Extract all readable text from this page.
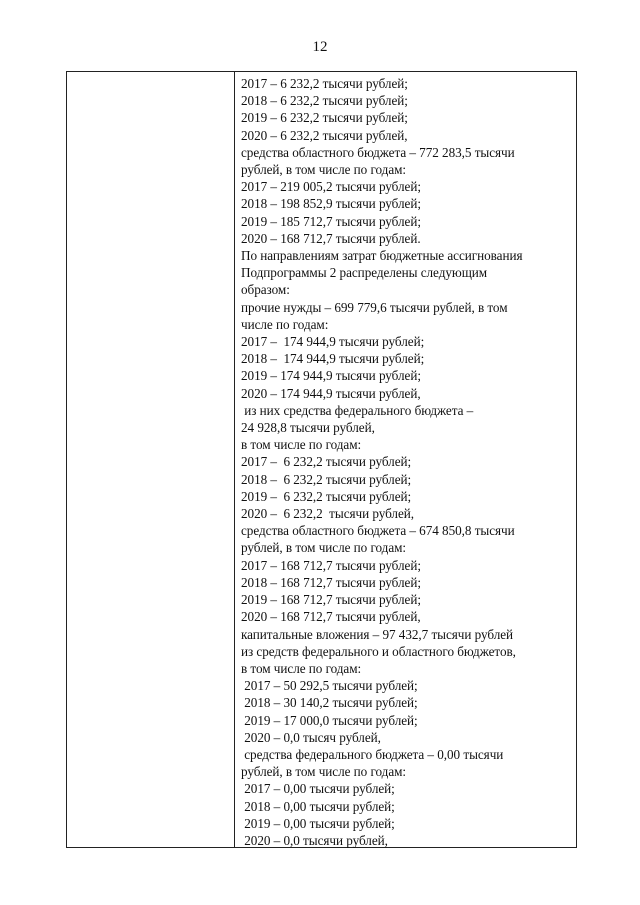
12
2017 – 6 232,2 тысячи рублей;
2018 – 6 232,2 тысячи рублей;
2019 – 6 232,2 тысячи рублей;
2020 – 6 232,2 тысячи рублей,
средства областного бюджета – 772 283,5 тысячи
рублей, в том числе по годам:
2017 – 219 005,2 тысячи рублей;
2018 – 198 852,9 тысячи рублей;
2019 – 185 712,7 тысячи рублей;
2020 – 168 712,7 тысячи рублей.
По направлениям затрат бюджетные ассигнования
Подпрограммы 2 распределены следующим
образом:
прочие нужды – 699 779,6 тысячи рублей, в том
числе по годам:
2017 –  174 944,9 тысячи рублей;
2018 –  174 944,9 тысячи рублей;
2019 – 174 944,9 тысячи рублей;
2020 – 174 944,9 тысячи рублей,
из них средства федерального бюджета –
24 928,8 тысячи рублей,
в том числе по годам:
2017 –  6 232,2 тысячи рублей;
2018 –  6 232,2 тысячи рублей;
2019 –  6 232,2 тысячи рублей;
2020 –  6 232,2  тысячи рублей,
средства областного бюджета – 674 850,8 тысячи
рублей, в том числе по годам:
2017 – 168 712,7 тысячи рублей;
2018 – 168 712,7 тысячи рублей;
2019 – 168 712,7 тысячи рублей;
2020 – 168 712,7 тысячи рублей,
капитальные вложения – 97 432,7 тысячи рублей
из средств федерального и областного бюджетов,
в том числе по годам:
2017 – 50 292,5 тысячи рублей;
2018 – 30 140,2 тысячи рублей;
2019 – 17 000,0 тысячи рублей;
2020 – 0,0 тысяч рублей,
средства федерального бюджета – 0,00 тысячи
рублей, в том числе по годам:
2017 – 0,00 тысячи рублей;
2018 – 0,00 тысячи рублей;
2019 – 0,00 тысячи рублей;
2020 – 0,0 тысячи рублей,
